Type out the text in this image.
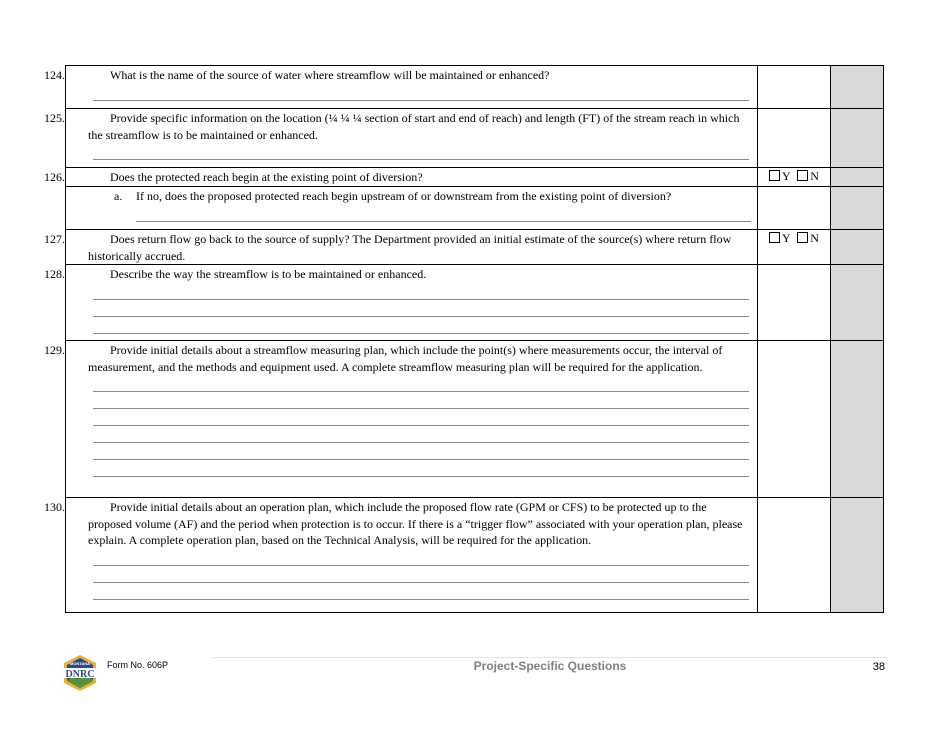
124. What is the name of the source of water where streamflow will be maintained or enhanced?		

125. Provide specific information on the location (¼ ¼ ¼ section of start and end of reach) and length (FT) of the stream reach in which the streamflow is to be maintained or enhanced.		

126. Does the protected reach begin at the existing point of diversion?	Y N	

a. If no, does the proposed protected reach begin upstream of or downstream from the existing point of diversion?		

127. Does return flow go back to the source of supply? The Department provided an initial estimate of the source(s) where return flow historically accrued.	Y N	

128. Describe the way the streamflow is to be maintained or enhanced.		

129. Provide initial details about a streamflow measuring plan, which include the point(s) where measurements occur, the interval of measurement, and the methods and equipment used. A complete streamflow measuring plan will be required for the application.		

130. Provide initial details about an operation plan, which include the proposed flow rate (GPM or CFS) to be protected up to the proposed volume (AF) and the period when protection is to occur. If there is a “trigger flow” associated with your operation plan, please explain. A complete operation plan, based on the Technical Analysis, will be required for the application.		

MONTANA
DNRC
Form No. 606P	Project-Specific Questions	38
